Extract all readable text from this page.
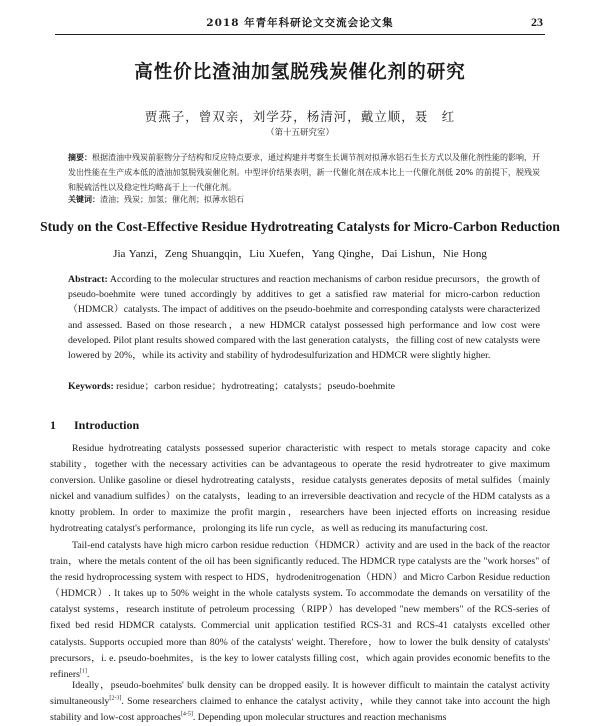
2018 年青年科研论文交流会论文集	23
高性价比渣油加氢脱残炭催化剂的研究
贾燕子，曾双亲，刘学芬，杨清河，戴立顺，聂　红
（第十五研究室）

摘要：根据渣油中残炭前驱物分子结构和反应特点要求，通过构建并考察生长调节剂对拟薄水铝石生长方式以及催化剂性能的影响，开发出性能在生产成本低的渣油加氢脱残炭催化剂。中型评价结果表明，新一代催化剂在成本比上一代催化剂低 20% 的前提下，脱残炭和脱硫活性以及稳定性均略高于上一代催化剂。

关键词：渣油；残炭；加氢；催化剂；拟薄水铝石

Study on the Cost-Effective Residue Hydrotreating Catalysts for Micro-Carbon Reduction
Jia Yanzi，Zeng Shuangqin，Liu Xuefen，Yang Qinghe，Dai Lishun，Nie Hong

Abstract: According to the molecular structures and reaction mechanisms of carbon residue precursors，the growth of pseudo-boehmite were tuned accordingly by additives to get a satisfied raw material for micro-carbon reduction（HDMCR）catalysts. The impact of additives on the pseudo-boehmite and corresponding catalysts were characterized and assessed. Based on those research，a new HDMCR catalyst possessed high performance and low cost were developed. Pilot plant results showed compared with the last generation catalysts，the filling cost of new catalysts were lowered by 20%，while its activity and stability of hydrodesulfurization and HDMCR were slightly higher.

Keywords: residue；carbon residue；hydrotreating；catalysts；pseudo-boehmite

1 Introduction

Residue hydrotreating catalysts possessed superior characteristic with respect to metals storage capacity and coke stability，together with the necessary activities can be advantageous to operate the resid hydrotreater to give maximum conversion. Unlike gasoline or diesel hydrotreating catalysts，residue catalysts generates deposits of metal sulfides（mainly nickel and vanadium sulfides）on the catalysts，leading to an irreversible deactivation and recycle of the HDM catalysts as a knotty problem. In order to maximize the profit margin，researchers have been injected efforts on increasing residue hydrotreating catalyst's performance，prolonging its life run cycle，as well as reducing its manufacturing cost.

Tail-end catalysts have high micro carbon residue reduction（HDMCR）activity and are used in the back of the reactor train，where the metals content of the oil has been significantly reduced. The HDMCR type catalysts are the "work horses" of the resid hydroprocessing system with respect to HDS，hydrodenitrogenation（HDN）and Micro Carbon Residue reduction（HDMCR）. It takes up to 50% weight in the whole catalysts system. To accommodate the demands on versatility of the catalyst systems，research institute of petroleum processing（RIPP）has developed "new members" of the RCS-series of fixed bed resid HDMCR catalysts. Commercial unit application testified RCS-31 and RCS-41 catalysts excelled other catalysts. Supports occupied more than 80% of the catalysts' weight. Therefore，how to lower the bulk density of catalysts' precursors，i. e. pseudo-boehmites，is the key to lower catalysts filling cost，which again provides economic benefits to the refiners[1].

Ideally，pseudo-boehmites' bulk density can be dropped easily. It is however difficult to maintain the catalyst activity simultaneously[2-3]. Some researchers claimed to enhance the catalyst activity，while they cannot take into account the high stability and low-cost approaches[4-5]. Depending upon molecular structures and reaction mechanisms
